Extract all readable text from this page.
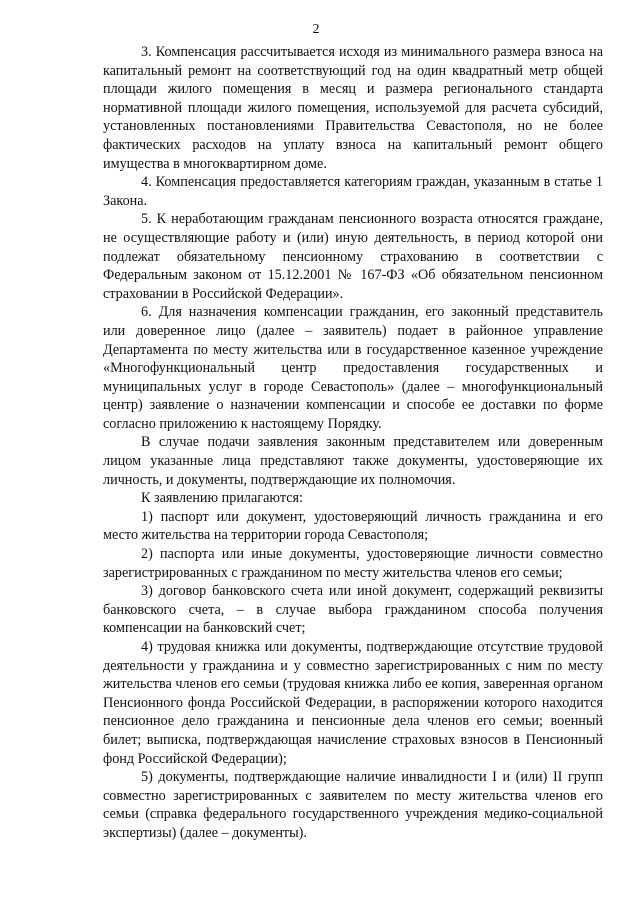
2

3. Компенсация рассчитывается исходя из минимального размера взноса на капитальный ремонт на соответствующий год на один квадратный метр общей площади жилого помещения в месяц и размера регионального стандарта нормативной площади жилого помещения, используемой для расчета субсидий, установленных постановлениями Правительства Севастополя, но не более фактических расходов на уплату взноса на капитальный ремонт общего имущества в многоквартирном доме.

4. Компенсация предоставляется категориям граждан, указанным в статье 1 Закона.

5. К неработающим гражданам пенсионного возраста относятся граждане, не осуществляющие работу и (или) иную деятельность, в период которой они подлежат обязательному пенсионному страхованию в соответствии с Федеральным законом от 15.12.2001 № 167-ФЗ «Об обязательном пенсионном страховании в Российской Федерации».

6. Для назначения компенсации гражданин, его законный представитель или доверенное лицо (далее – заявитель) подает в районное управление Департамента по месту жительства или в государственное казенное учреждение «Многофункциональный центр предоставления государственных и муниципальных услуг в городе Севастополь» (далее – многофункциональный центр) заявление о назначении компенсации и способе ее доставки по форме согласно приложению к настоящему Порядку.

В случае подачи заявления законным представителем или доверенным лицом указанные лица представляют также документы, удостоверяющие их личность, и документы, подтверждающие их полномочия.

К заявлению прилагаются:

1) паспорт или документ, удостоверяющий личность гражданина и его место жительства на территории города Севастополя;

2) паспорта или иные документы, удостоверяющие личности совместно зарегистрированных с гражданином по месту жительства членов его семьи;

3) договор банковского счета или иной документ, содержащий реквизиты банковского счета, – в случае выбора гражданином способа получения компенсации на банковский счет;

4) трудовая книжка или документы, подтверждающие отсутствие трудовой деятельности у гражданина и у совместно зарегистрированных с ним по месту жительства членов его семьи (трудовая книжка либо ее копия, заверенная органом Пенсионного фонда Российской Федерации, в распоряжении которого находится пенсионное дело гражданина и пенсионные дела членов его семьи; военный билет; выписка, подтверждающая начисление страховых взносов в Пенсионный фонд Российской Федерации);

5) документы, подтверждающие наличие инвалидности I и (или) II групп совместно зарегистрированных с заявителем по месту жительства членов его семьи (справка федерального государственного учреждения медико-социальной экспертизы) (далее – документы).
